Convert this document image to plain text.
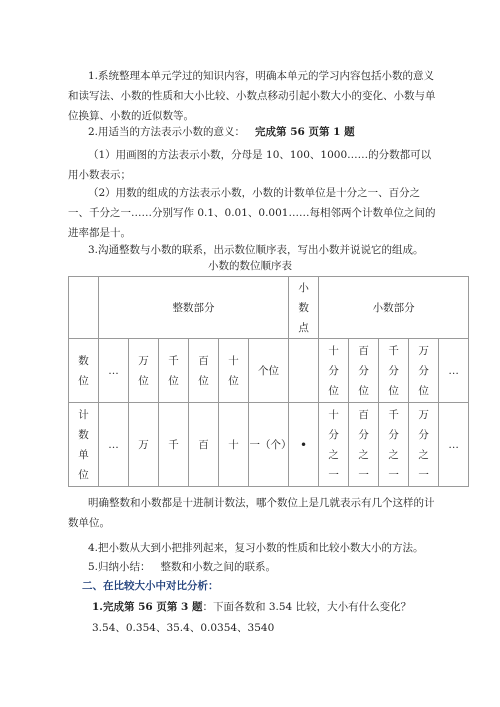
1.系统整理本单元学过的知识内容，明确本单元的学习内容包括小数的意义和读写法、小数的性质和大小比较、小数点移动引起小数大小的变化、小数与单位换算、小数的近似数等。

2.用适当的方法表示小数的意义： 完成第 56 页第 1 题

（1）用画图的方法表示小数，分母是 10、100、1000……的分数都可以用小数表示；

（2）用数的组成的方法表示小数，小数的计数单位是十分之一、百分之一、千分之一……分别写作 0.1、0.01、0.001……每相邻两个计数单位之间的进率都是十。

3.沟通整数与小数的联系，出示数位顺序表，写出小数并说说它的组成。

小数的数位顺序表
	整数部分						小数点	小数部分				
数位	…	万位	千位	百位	十位	个位		十分位	百分位	千分位	万分位	…
计数单位	…	万	千	百	十	一（个）	•	十分之一	百分之一	千分之一	万分之一	…

明确整数和小数都是十进制计数法，哪个数位上是几就表示有几个这样的计数单位。

4.把小数从大到小把排列起来，复习小数的性质和比较小数大小的方法。

5.归纳小结： 整数和小数之间的联系。

二、在比较大小中对比分析：

1.完成第 56 页第 3 题：下面各数和 3.54 比较，大小有什么变化？

3.54、0.354、35.4、0.0354、3540
